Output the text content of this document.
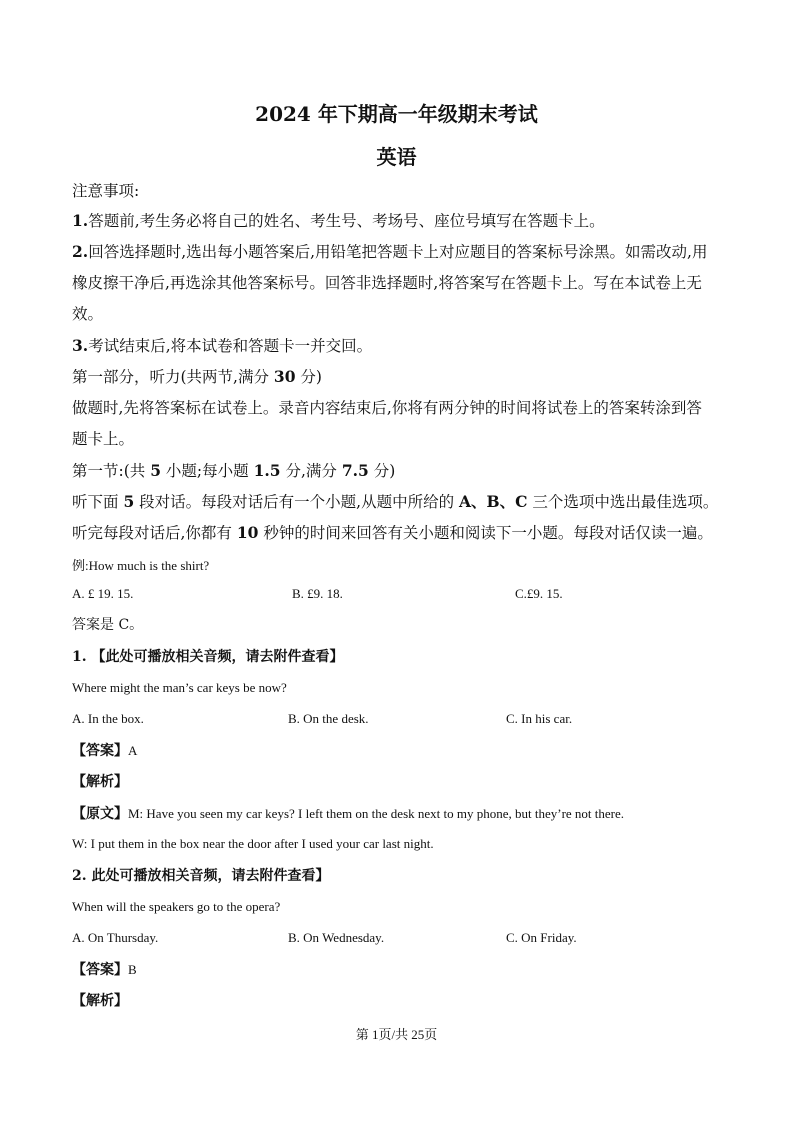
2024 年下期高一年级期末考试
英语
注意事项:
1.答题前,考生务必将自己的姓名、考生号、考场号、座位号填写在答题卡上。
2.回答选择题时,选出每小题答案后,用铅笔把答题卡上对应题目的答案标号涂黑。如需改动,用
橡皮擦干净后,再选涂其他答案标号。回答非选择题时,将答案写在答题卡上。写在本试卷上无
效。
3.考试结束后,将本试卷和答题卡一并交回。
第一部分，听力(共两节,满分 30 分)
做题时,先将答案标在试卷上。录音内容结束后,你将有两分钟的时间将试卷上的答案转涂到答
题卡上。
第一节:(共 5 小题;每小题 1.5 分,满分 7.5 分)
听下面 5 段对话。每段对话后有一个小题,从题中所给的 A、B、C 三个选项中选出最佳选项。
听完每段对话后,你都有 10 秒钟的时间来回答有关小题和阅读下一小题。每段对话仅读一遍。
例:How much is the shirt?
A. £ 19. 15.	B. £9. 18.	C.£9. 15.
答案是 C。
1. 【此处可播放相关音频，请去附件查看】
Where might the man’s car keys be now?
A. In the box.	B. On the desk.	C. In his car.
【答案】A
【解析】
【原文】M: Have you seen my car keys? I left them on the desk next to my phone, but they’re not there.
W: I put them in the box near the door after I used your car last night.
2. 此处可播放相关音频，请去附件查看】
When will the speakers go to the opera?
A. On Thursday.	B. On Wednesday.	C. On Friday.
【答案】B
【解析】
第 1页/共 25页
